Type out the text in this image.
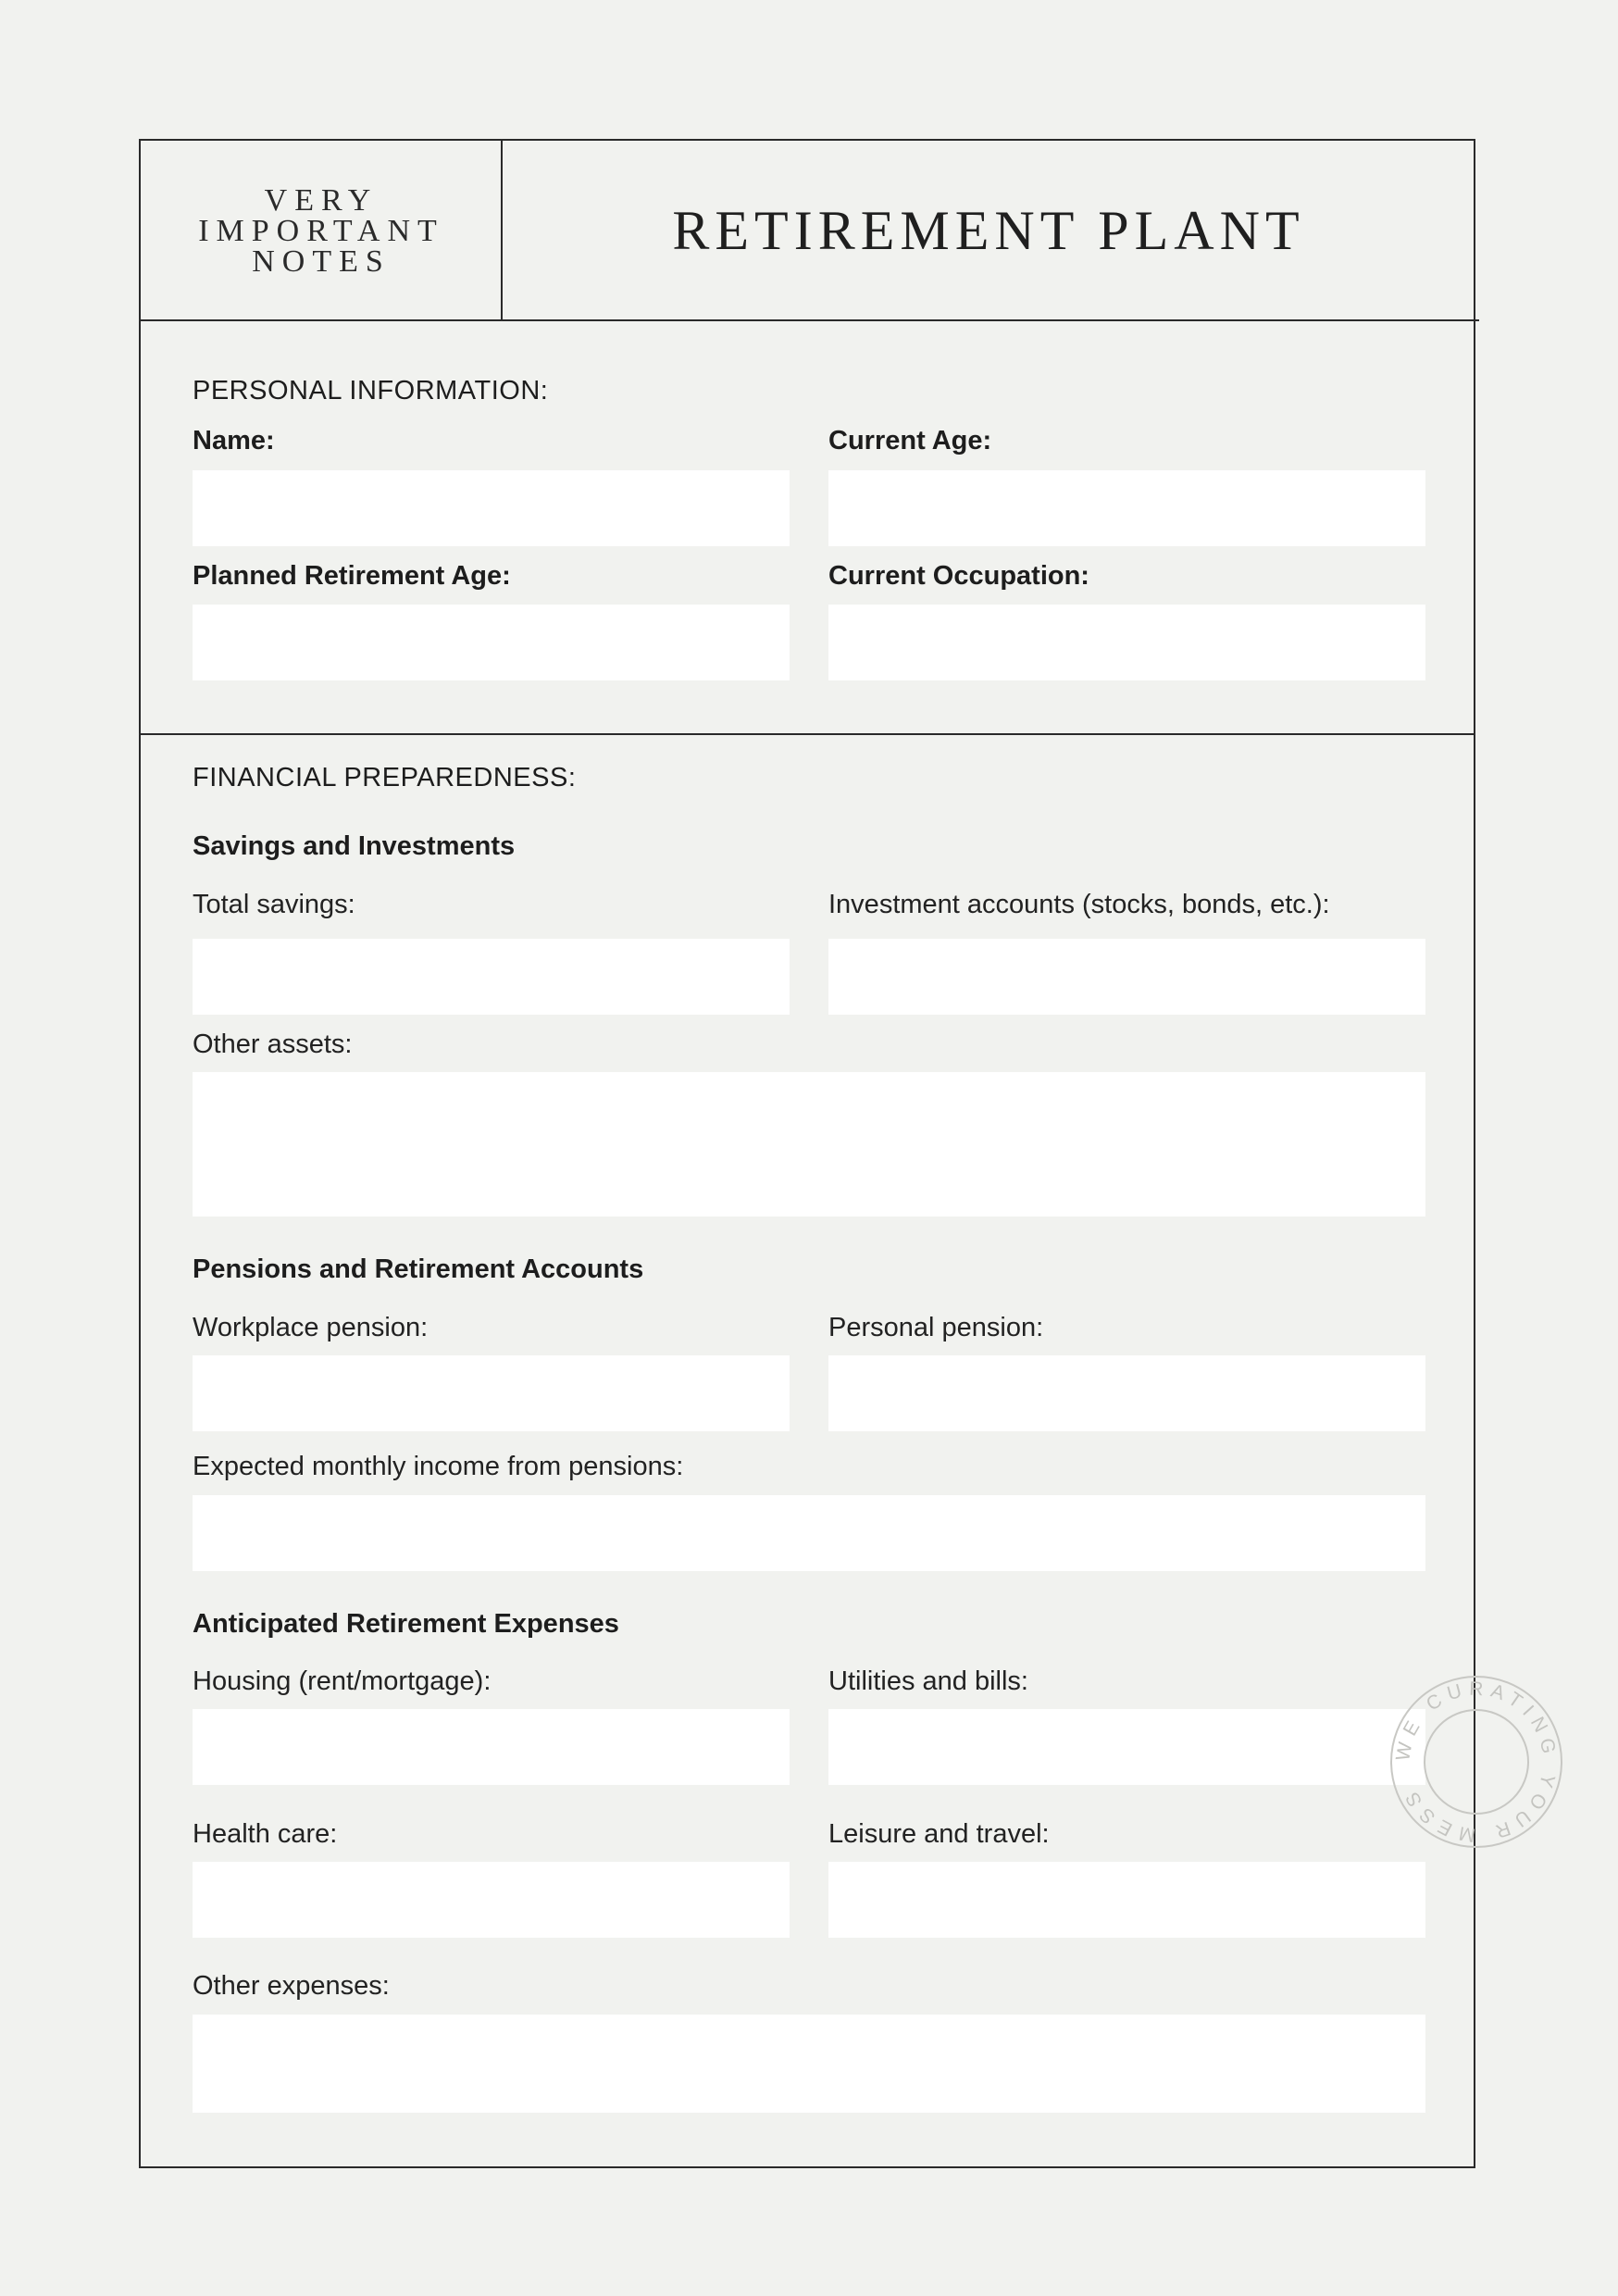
VERY
IMPORTANT
NOTES
RETIREMENT PLANT
PERSONAL INFORMATION:
Name:	Current Age:
Planned Retirement Age:	Current Occupation:
FINANCIAL PREPAREDNESS:
Savings and Investments
Total savings:	Investment accounts (stocks, bonds, etc.):
Other assets:
Pensions and Retirement Accounts
Workplace pension:	Personal pension:
Expected monthly income from pensions:
Anticipated Retirement Expenses
Housing (rent/mortgage):	Utilities and bills:
Health care:	Leisure and travel:
Other expenses:
WE CURATING YOUR MESS
